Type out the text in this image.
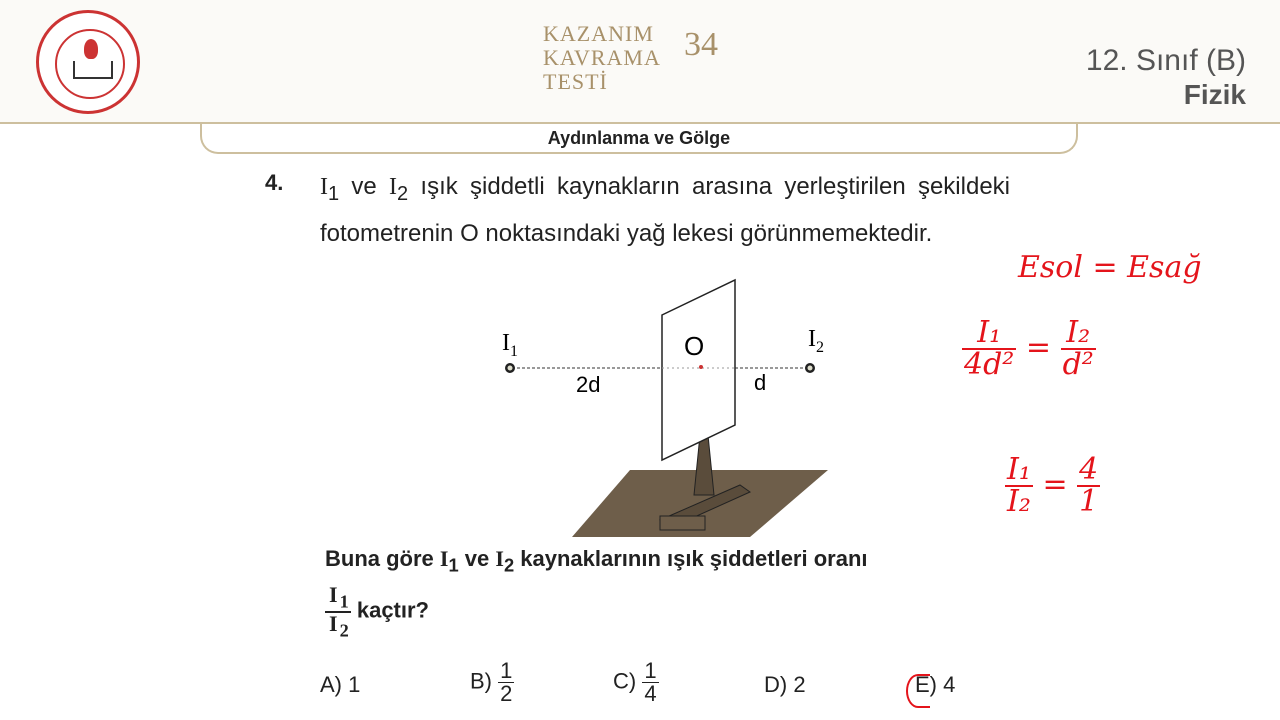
KAZANIM
KAVRAMA
TESTİ
34	12. Sınıf (B)
Fizik
Aydınlanma ve Gölge
4. $I_1$ ve $I_2$ ışık şiddetli kaynakların arasına yerleştirilen şekildeki fotometrenin O noktasındaki yağ lekesi görünmemektedir.
$I_1$	$I_2$
O
2d	d
Buna göre $I_1$ ve $I_2$ kaynaklarının ışık şiddetleri oranı
$\frac{I _1}{I _2}$ kaçtır?
A) 1	$B) \frac{1}{2}$	$C) \frac{1}{4}$	D) 2	E) 4
Esol = Esağ
$\frac{\text{I₁}}{\text{4d²}} = \frac{\text{I₂}}{\text{d²}}$
$\frac{\text{I₁}}{\text{I₂}} = \frac{4}{1}$
